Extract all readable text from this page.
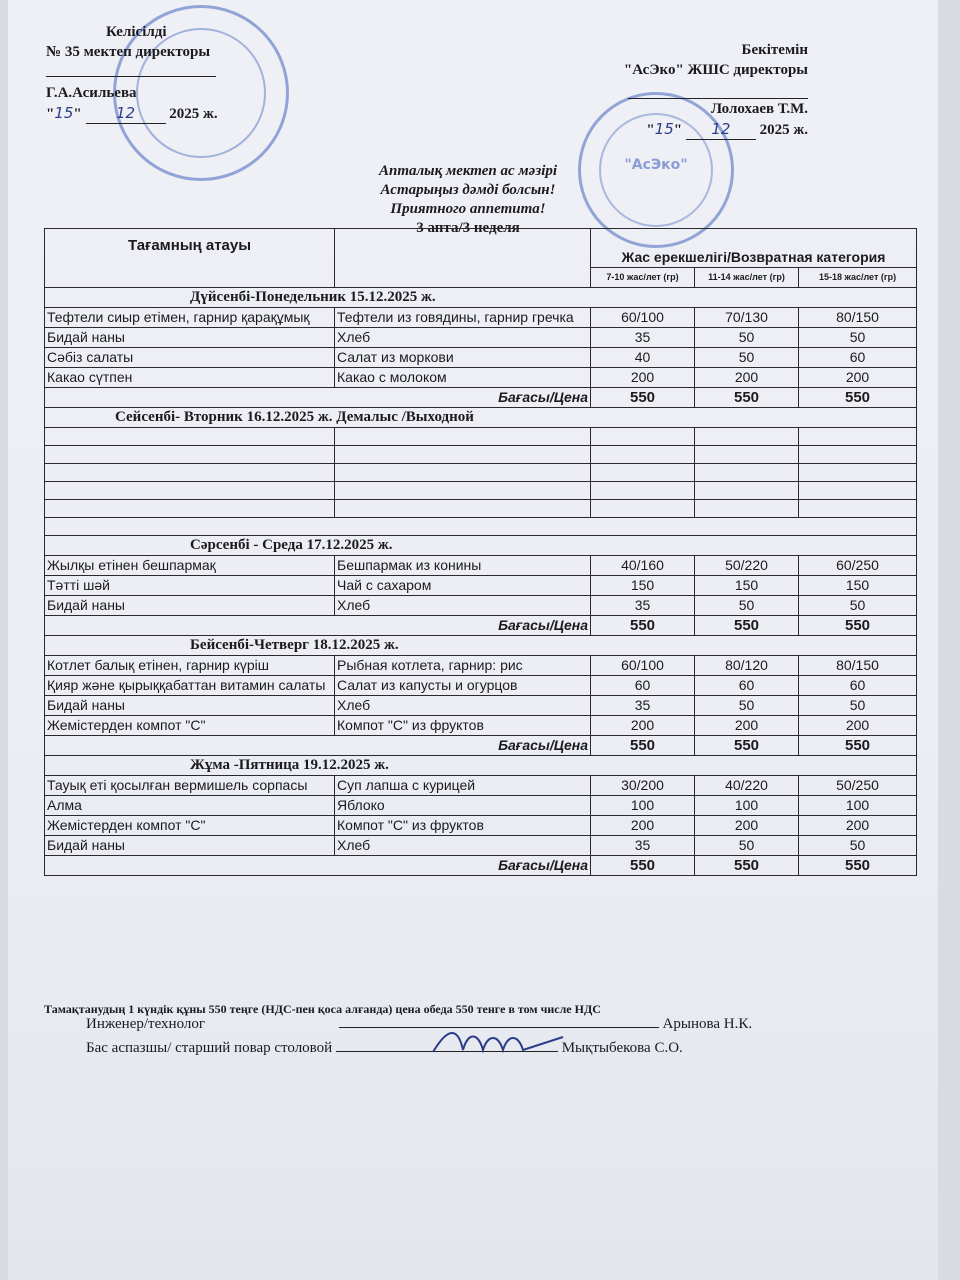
"АсЭко"
Келісілді
№ 35 мектеп директоры
Г.А.Асильева
"15" 12 2025 ж.
Бекітемін
"АсЭко" ЖШС директоры
Лолохаев Т.М.
"15" 12 2025 ж.
Апталық мектеп ас мәзірі
Астарыңыз дәмді болсын!
Приятного аппетита!
3 апта/3 неделя
Тағамның атауы		Жас ерекшелігі/Возвратная категория		
		7-10 жас/лет (гр)	11-14 жас/лет (гр)	15-18 жас/лет (гр)
Дүйсенбі-Понедельник 15.12.2025 ж.				
Тефтели сиыр етімен, гарнир қарақұмық	Тефтели из говядины, гарнир гречка	60/100	70/130	80/150
Бидай наны	Хлеб	35	50	50
Сәбіз салаты	Салат из моркови	40	50	60
Какао сүтпен	Какао с молоком	200	200	200
Бағасы/Цена		550	550	550
Сейсенбі- Вторник 16.12.2025 ж. Демалыс /Выходной				

Сәрсенбі - Среда 17.12.2025 ж.				
Жылқы етінен бешпармақ	Бешпармак из конины	40/160	50/220	60/250
Тәтті шәй	Чай с сахаром	150	150	150
Бидай наны	Хлеб	35	50	50
Бағасы/Цена		550	550	550
Бейсенбі-Четверг 18.12.2025 ж.				
Котлет балық етінен, гарнир күріш	Рыбная котлета, гарнир: рис	60/100	80/120	80/150
Қияр және қырыққабаттан витамин салаты	Салат из капусты и огурцов	60	60	60
Бидай наны	Хлеб	35	50	50
Жемістерден компот "С"	Компот "С" из фруктов	200	200	200
Бағасы/Цена		550	550	550
Жұма -Пятница 19.12.2025 ж.				
Тауық еті қосылған вермишель сорпасы	Суп лапша с курицей	30/200	40/220	50/250
Алма	Яблоко	100	100	100
Жемістерден компот "С"	Компот "С" из фруктов	200	200	200
Бидай наны	Хлеб	35	50	50
Бағасы/Цена		550	550	550
Тамақтанудың 1 күндік құны 550 теңге (НДС-пен қоса алғанда) цена обеда 550 тенге в том числе НДС
Инженер/технолог	Арынова Н.К.
Бас аспазшы/ старший повар столовой	Мықтыбекова С.О.
